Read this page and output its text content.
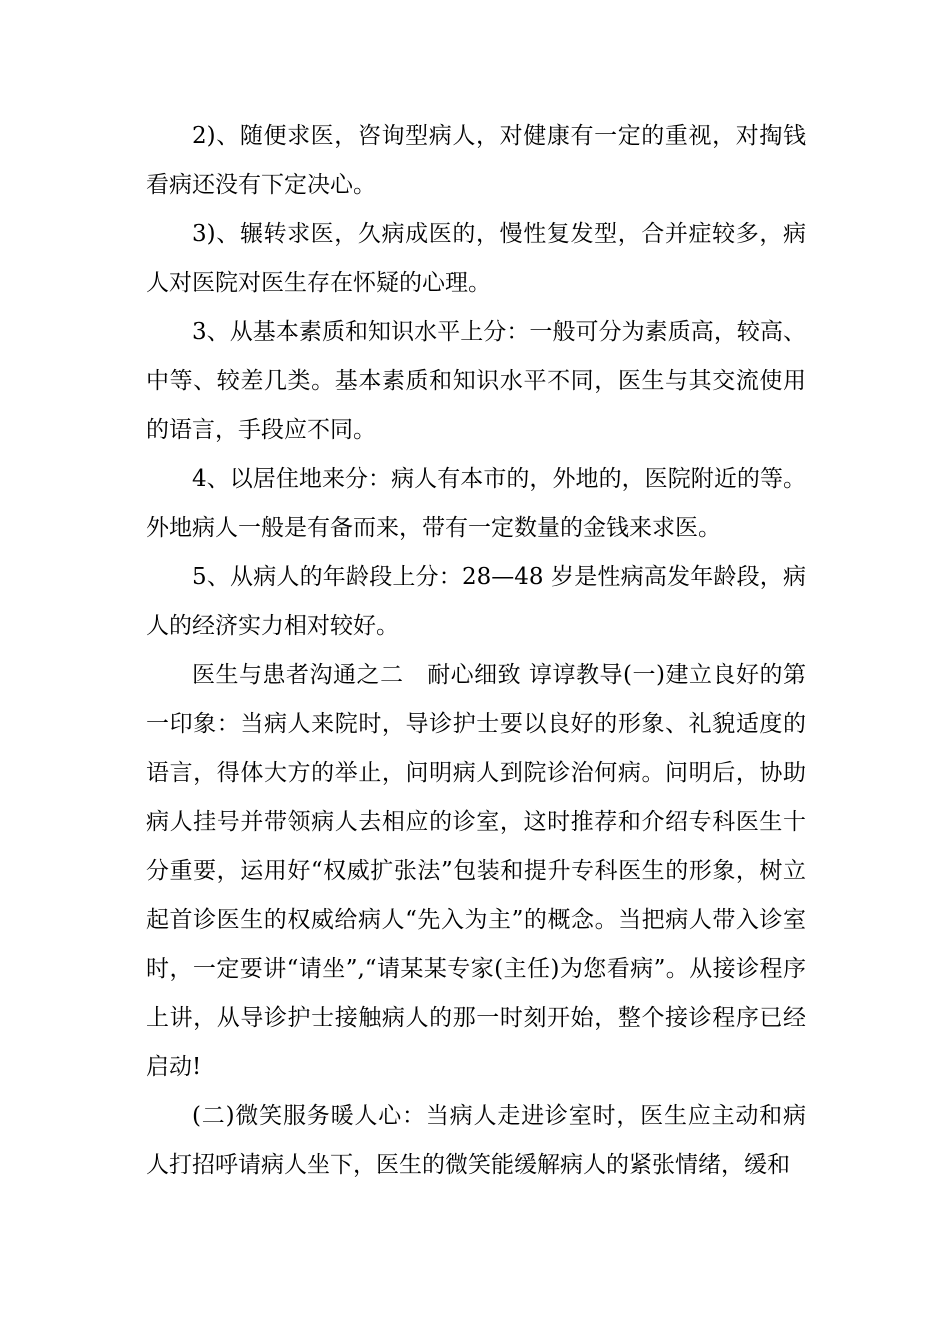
2)、随便求医，咨询型病人，对健康有一定的重视，对掏钱看病还没有下定决心。

3)、辗转求医，久病成医的，慢性复发型，合并症较多，病人对医院对医生存在怀疑的心理。

3、从基本素质和知识水平上分：一般可分为素质高，较高、中等、较差几类。基本素质和知识水平不同，医生与其交流使用的语言，手段应不同。

4、以居住地来分：病人有本市的，外地的，医院附近的等。外地病人一般是有备而来，带有一定数量的金钱来求医。

5、从病人的年龄段上分：28—48 岁是性病高发年龄段，病人的经济实力相对较好。

医生与患者沟通之二　耐心细致 谆谆教导(一)建立良好的第一印象：当病人来院时，导诊护士要以良好的形象、礼貌适度的语言，得体大方的举止，问明病人到院诊治何病。问明后，协助病人挂号并带领病人去相应的诊室，这时推荐和介绍专科医生十分重要，运用好“权威扩张法”包装和提升专科医生的形象，树立起首诊医生的权威给病人“先入为主”的概念。当把病人带入诊室时，一定要讲“请坐”,“请某某专家(主任)为您看病”。从接诊程序上讲，从导诊护士接触病人的那一时刻开始，整个接诊程序已经启动!

(二)微笑服务暖人心：当病人走进诊室时，医生应主动和病人打招呼请病人坐下，医生的微笑能缓解病人的紧张情绪，缓和
